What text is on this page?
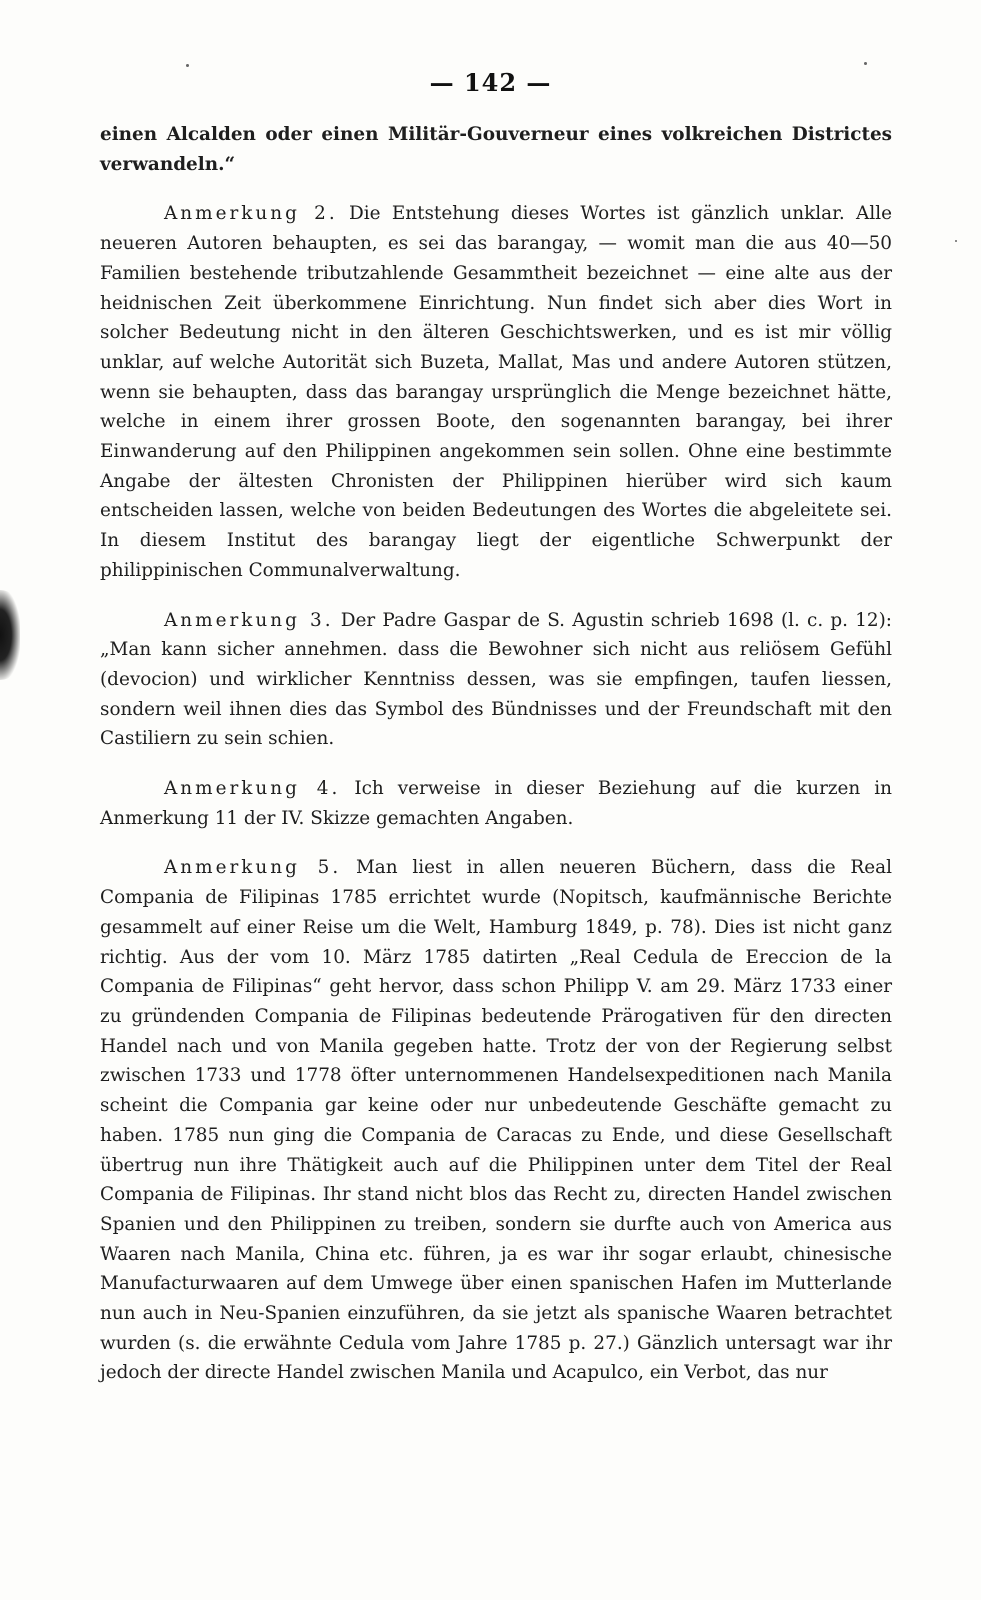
— 142 —

einen Alcalden oder einen Militär-Gouverneur eines volkreichen Districtes verwandeln.“

Anmerkung 2. Die Entstehung dieses Wortes ist gänzlich unklar. Alle neueren Autoren behaupten, es sei das barangay, — womit man die aus 40—50 Familien bestehende tributzahlende Gesammtheit bezeichnet — eine alte aus der heidnischen Zeit überkommene Einrichtung. Nun findet sich aber dies Wort in solcher Bedeutung nicht in den älteren Geschichtswerken, und es ist mir völlig unklar, auf welche Autorität sich Buzeta, Mallat, Mas und andere Autoren stützen, wenn sie behaupten, dass das barangay ursprünglich die Menge bezeichnet hätte, welche in einem ihrer grossen Boote, den sogenannten barangay, bei ihrer Einwanderung auf den Philippinen angekommen sein sollen. Ohne eine bestimmte Angabe der ältesten Chronisten der Philippinen hierüber wird sich kaum entscheiden lassen, welche von beiden Bedeutungen des Wortes die abgeleitete sei. In diesem Institut des barangay liegt der eigentliche Schwerpunkt der philippinischen Communalverwaltung.

Anmerkung 3. Der Padre Gaspar de S. Agustin schrieb 1698 (l. c. p. 12): „Man kann sicher annehmen. dass die Bewohner sich nicht aus reliösem Gefühl (devocion) und wirklicher Kenntniss dessen, was sie empfingen, taufen liessen, sondern weil ihnen dies das Symbol des Bündnisses und der Freundschaft mit den Castiliern zu sein schien.

Anmerkung 4. Ich verweise in dieser Beziehung auf die kurzen in Anmerkung 11 der IV. Skizze gemachten Angaben.

Anmerkung 5. Man liest in allen neueren Büchern, dass die Real Compania de Filipinas 1785 errichtet wurde (Nopitsch, kaufmännische Berichte gesammelt auf einer Reise um die Welt, Hamburg 1849, p. 78). Dies ist nicht ganz richtig. Aus der vom 10. März 1785 datirten „Real Cedula de Ereccion de la Compania de Filipinas“ geht hervor, dass schon Philipp V. am 29. März 1733 einer zu gründenden Compania de Filipinas bedeutende Prärogativen für den directen Handel nach und von Manila gegeben hatte. Trotz der von der Regierung selbst zwischen 1733 und 1778 öfter unternommenen Handelsexpeditionen nach Manila scheint die Compania gar keine oder nur unbedeutende Geschäfte gemacht zu haben. 1785 nun ging die Compania de Caracas zu Ende, und diese Gesellschaft übertrug nun ihre Thätigkeit auch auf die Philippinen unter dem Titel der Real Compania de Filipinas. Ihr stand nicht blos das Recht zu, directen Handel zwischen Spanien und den Philippinen zu treiben, sondern sie durfte auch von America aus Waaren nach Manila, China etc. führen, ja es war ihr sogar erlaubt, chinesische Manufacturwaaren auf dem Umwege über einen spanischen Hafen im Mutterlande nun auch in Neu-Spanien einzuführen, da sie jetzt als spanische Waaren betrachtet wurden (s. die erwähnte Cedula vom Jahre 1785 p. 27.) Gänzlich untersagt war ihr jedoch der directe Handel zwischen Manila und Acapulco, ein Verbot, das nur
